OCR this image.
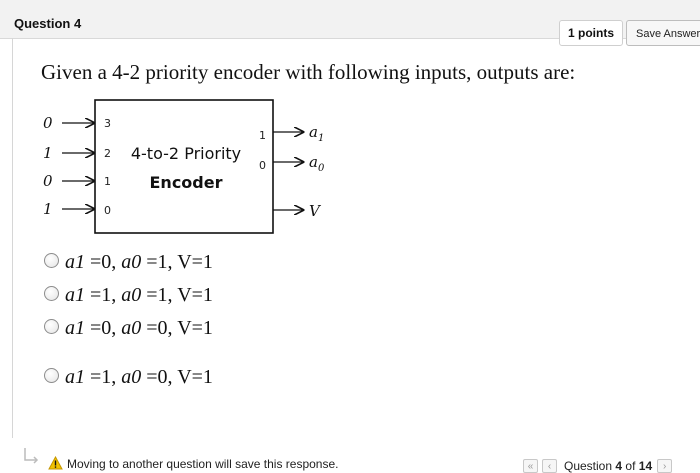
Question 4
1 points	Save Answer
Given a 4-2 priority encoder with following inputs, outputs are:
0
1
0
1
3
2
1
0
4-to-2 Priority
Encoder
1
0
$a_1$
$a_0$
V
a1 =0, a0 =1, V=1
a1 =1, a0 =1, V=1
a1 =0, a0 =0, V=1
a1 =1, a0 =0, V=1
Moving to another question will save this response.	«	‹	Question 4 of 14	›
